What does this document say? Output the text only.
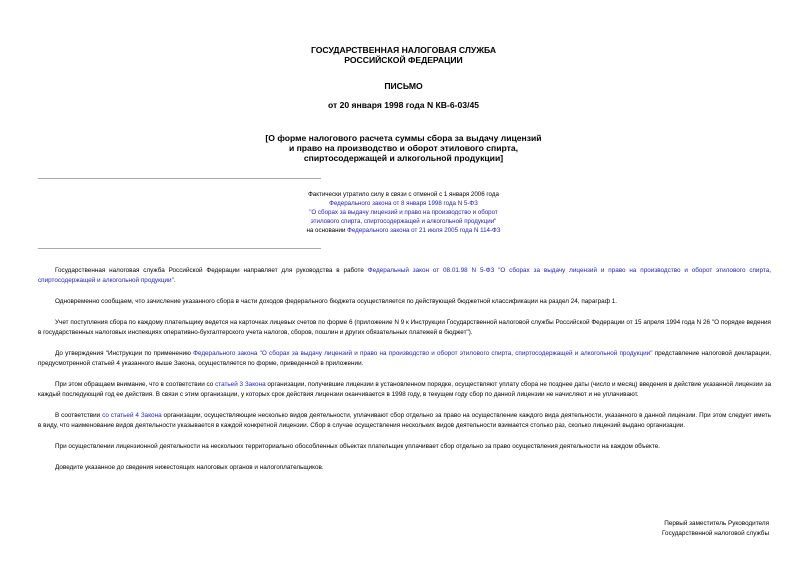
ГОСУДАРСТВЕННАЯ НАЛОГОВАЯ СЛУЖБА
РОССИЙСКОЙ ФЕДЕРАЦИИ
ПИСЬМО
от 20 января 1998 года N КВ-6-03/45
[О форме налогового расчета суммы сбора за выдачу лицензий
и право на производство и оборот этилового спирта,
спиртосодержащей и алкогольной продукции]
Фактически утратило силу в связи с отменой с 1 января 2006 года
Федерального закона от 8 января 1998 года N 5-ФЗ
"О сборах за выдачу лицензий и право на производство и оборот
этилового спирта, спиртосодержащей и алкогольной продукции"
на основании Федерального закона от 21 июля 2005 года N 114-ФЗ

Государственная налоговая служба Российской Федерации направляет для руководства в работе Федеральный закон от 08.01.98 N 5-ФЗ "О сборах за выдачу лицензий и право на производство и оборот этилового спирта, спиртосодержащей и алкогольной продукции".

Одновременно сообщаем, что зачисление указанного сбора в части доходов федерального бюджета осуществляется по действующей бюджетной классификации на раздел 24, параграф 1.

Учет поступления сбора по каждому плательщику ведется на карточках лицевых счетов по форме 6 (приложение N 9 к Инструкции Государственной налоговой службы Российской Федерации от 15 апреля 1994 года N 26 "О порядке ведения в государственных налоговых инспекциях оперативно-бухгалтерского учета налогов, сборов, пошлин и других обязательных платежей в бюджет").

До утверждения "Инструкции по применению Федерального закона "О сборах за выдачу лицензий и право на производство и оборот этилового спирта, спиртосодержащей и алкогольной продукции" представление налоговой декларации, предусмотренной статьей 4 указанного выше Закона, осуществляется по форме, приведенной в приложении.

При этом обращаем внимание, что в соответствии со статьей 3 Закона организации, получившие лицензии в установленном порядке, осуществляют уплату сбора не позднее даты (число и месяц) введения в действие указанной лицензии за каждый последующий год ее действия. В связи с этим организации, у которых срок действия лицензии оканчивается в 1998 году, в текущем году сбор по данной лицензии не начисляют и не уплачивают.

В соответствии со статьей 4 Закона организации, осуществляющие несколько видов деятельности, уплачивают сбор отдельно за право на осуществление каждого вида деятельности, указанного в данной лицензии. При этом следует иметь в виду, что наименование видов деятельности указывается в каждой конкретной лицензии. Сбор в случае осуществления нескольких видов деятельности взимается столько раз, сколько лицензий выдано организации.

При осуществлении лицензионной деятельности на нескольких территориально обособленных объектах плательщик уплачивает сбор отдельно за право осуществления деятельности на каждом объекте.

Доведите указанное до сведения нижестоящих налоговых органов и налогоплательщиков.

Первый заместитель Руководителя
Государственной налоговой службы
